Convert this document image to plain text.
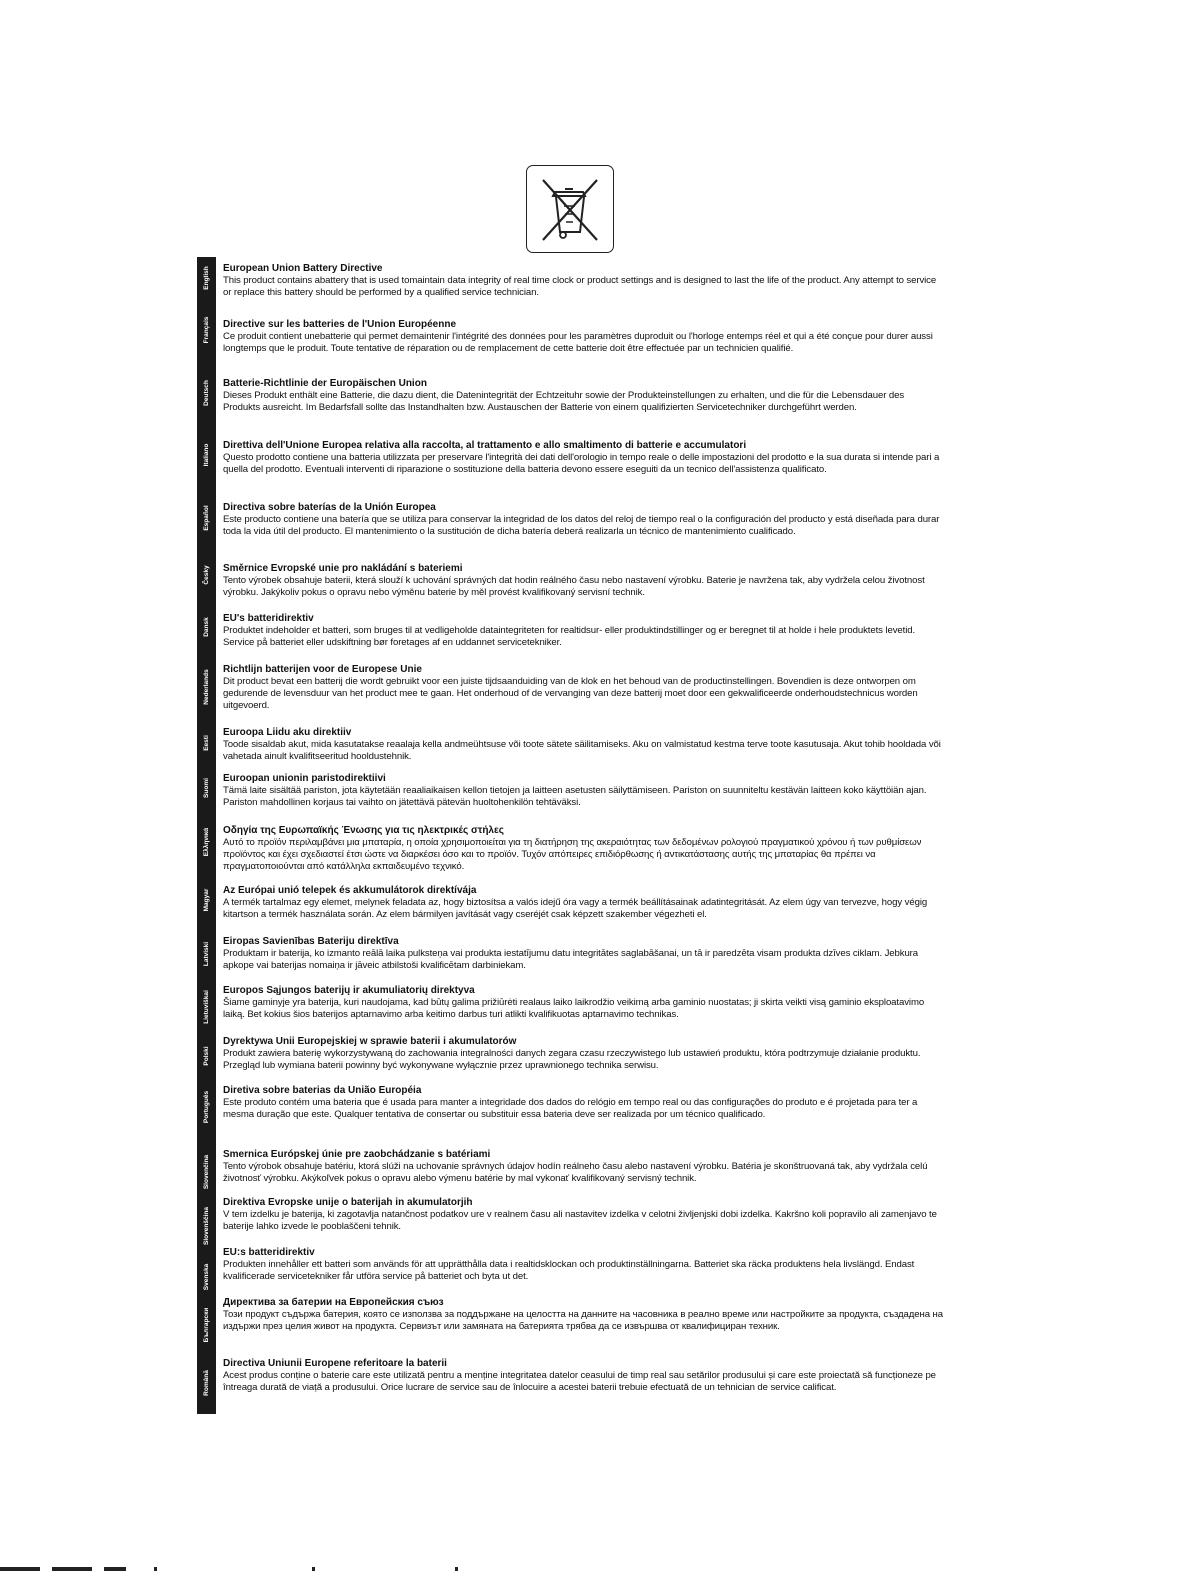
English
Français
Deutsch
Italiano
Español
Česky
Dansk
Nederlands
Eesti
Suomi
Ελληνικά
Magyar
Latviski
Lietuviškai
Polski
Português
Slovenčina
Slovenščina
Svenska
Български
Română

European Union Battery Directive

This product contains abattery that is used tomaintain data integrity of real time clock or product settings and is designed to last the life of the product. Any attempt to service or replace this battery should be performed by a qualified service technician.

Directive sur les batteries de l'Union Européenne

Ce produit contient unebatterie qui permet demaintenir l'intégrité des données pour les paramètres duproduit ou l'horloge entemps réel et qui a été conçue pour durer aussi longtemps que le produit. Toute tentative de réparation ou de remplacement de cette batterie doit être effectuée par un technicien qualifié.

Batterie-Richtlinie der Europäischen Union

Dieses Produkt enthält eine Batterie, die dazu dient, die Datenintegrität der Echtzeituhr sowie der Produkteinstellungen zu erhalten, und die für die Lebensdauer des Produkts ausreicht. Im Bedarfsfall sollte das Instandhalten bzw. Austauschen der Batterie von einem qualifizierten Servicetechniker durchgeführt werden.

Direttiva dell'Unione Europea relativa alla raccolta, al trattamento e allo smaltimento di batterie e accumulatori

Questo prodotto contiene una batteria utilizzata per preservare l'integrità dei dati dell'orologio in tempo reale o delle impostazioni del prodotto e la sua durata si intende pari a quella del prodotto. Eventuali interventi di riparazione o sostituzione della batteria devono essere eseguiti da un tecnico dell'assistenza qualificato.

Directiva sobre baterías de la Unión Europea

Este producto contiene una batería que se utiliza para conservar la integridad de los datos del reloj de tiempo real o la configuración del producto y está diseñada para durar toda la vida útil del producto. El mantenimiento o la sustitución de dicha batería deberá realizarla un técnico de mantenimiento cualificado.

Směrnice Evropské unie pro nakládání s bateriemi

Tento výrobek obsahuje baterii, která slouží k uchování správných dat hodin reálného času nebo nastavení výrobku. Baterie je navržena tak, aby vydržela celou životnost výrobku. Jakýkoliv pokus o opravu nebo výměnu baterie by měl provést kvalifikovaný servisní technik.

EU's batteridirektiv

Produktet indeholder et batteri, som bruges til at vedligeholde dataintegriteten for realtidsur- eller produktindstillinger og er beregnet til at holde i hele produktets levetid. Service på batteriet eller udskiftning bør foretages af en uddannet servicetekniker.

Richtlijn batterijen voor de Europese Unie

Dit product bevat een batterij die wordt gebruikt voor een juiste tijdsaanduiding van de klok en het behoud van de productinstellingen. Bovendien is deze ontworpen om gedurende de levensduur van het product mee te gaan. Het onderhoud of de vervanging van deze batterij moet door een gekwalificeerde onderhoudstechnicus worden uitgevoerd.

Euroopa Liidu aku direktiiv

Toode sisaldab akut, mida kasutatakse reaalaja kella andmeühtsuse või toote sätete säilitamiseks. Aku on valmistatud kestma terve toote kasutusaja. Akut tohib hooldada või vahetada ainult kvalifitseeritud hooldustehnik.

Euroopan unionin paristodirektiivi

Tämä laite sisältää pariston, jota käytetään reaaliaikaisen kellon tietojen ja laitteen asetusten säilyttämiseen. Pariston on suunniteltu kestävän laitteen koko käyttöiän ajan. Pariston mahdollinen korjaus tai vaihto on jätettävä pätevän huoltohenkilön tehtäväksi.

Οδηγία της Ευρωπαϊκής Ένωσης για τις ηλεκτρικές στήλες

Αυτό το προϊόν περιλαμβάνει μια μπαταρία, η οποία χρησιμοποιείται για τη διατήρηση της ακεραιότητας των δεδομένων ρολογιού πραγματικού χρόνου ή των ρυθμίσεων προϊόντος και έχει σχεδιαστεί έτσι ώστε να διαρκέσει όσο και το προϊόν. Τυχόν απόπειρες επιδιόρθωσης ή αντικατάστασης αυτής της μπαταρίας θα πρέπει να πραγματοποιούνται από κατάλληλα εκπαιδευμένο τεχνικό.

Az Európai unió telepek és akkumulátorok direktívája

A termék tartalmaz egy elemet, melynek feladata az, hogy biztosítsa a valós idejű óra vagy a termék beállításainak adatintegritását. Az elem úgy van tervezve, hogy végig kitartson a termék használata során. Az elem bármilyen javítását vagy cseréjét csak képzett szakember végezheti el.

Eiropas Savienības Bateriju direktīva

Produktam ir baterija, ko izmanto reālā laika pulksteņa vai produkta iestatījumu datu integritātes saglabāšanai, un tā ir paredzēta visam produkta dzīves ciklam. Jebkura apkope vai baterijas nomaiņa ir jāveic atbilstoši kvalificētam darbiniekam.

Europos Sąjungos baterijų ir akumuliatorių direktyva

Šiame gaminyje yra baterija, kuri naudojama, kad būtų galima prižiūrėti realaus laiko laikrodžio veikimą arba gaminio nuostatas; ji skirta veikti visą gaminio eksploatavimo laiką. Bet kokius šios baterijos aptarnavimo arba keitimo darbus turi atlikti kvalifikuotas aptarnavimo technikas.

Dyrektywa Unii Europejskiej w sprawie baterii i akumulatorów

Produkt zawiera baterię wykorzystywaną do zachowania integralności danych zegara czasu rzeczywistego lub ustawień produktu, która podtrzymuje działanie produktu. Przegląd lub wymiana baterii powinny być wykonywane wyłącznie przez uprawnionego technika serwisu.

Diretiva sobre baterias da União Européia

Este produto contém uma bateria que é usada para manter a integridade dos dados do relógio em tempo real ou das configurações do produto e é projetada para ter a mesma duração que este. Qualquer tentativa de consertar ou substituir essa bateria deve ser realizada por um técnico qualificado.

Smernica Európskej únie pre zaobchádzanie s batériami

Tento výrobok obsahuje batériu, ktorá slúži na uchovanie správnych údajov hodín reálneho času alebo nastavení výrobku. Batéria je skonštruovaná tak, aby vydržala celú životnosť výrobku. Akýkoľvek pokus o opravu alebo výmenu batérie by mal vykonať kvalifikovaný servisný technik.

Direktiva Evropske unije o baterijah in akumulatorjih

V tem izdelku je baterija, ki zagotavlja natančnost podatkov ure v realnem času ali nastavitev izdelka v celotni življenjski dobi izdelka. Kakršno koli popravilo ali zamenjavo te baterije lahko izvede le pooblaščeni tehnik.

EU:s batteridirektiv

Produkten innehåller ett batteri som används för att upprätthålla data i realtidsklockan och produktinställningarna. Batteriet ska räcka produktens hela livslängd. Endast kvalificerade servicetekniker får utföra service på batteriet och byta ut det.

Директива за батерии на Европейския съюз

Този продукт съдържа батерия, която се използва за поддържане на целостта на данните на часовника в реално време или настройките за продукта, създадена на издържи през целия живот на продукта. Сервизът или замяната на батерията трябва да се извършва от квалифициран техник.

Directiva Uniunii Europene referitoare la baterii

Acest produs conține o baterie care este utilizată pentru a menține integritatea datelor ceasului de timp real sau setărilor produsului și care este proiectată să funcționeze pe întreaga durată de viață a produsului. Orice lucrare de service sau de înlocuire a acestei baterii trebuie efectuată de un tehnician de service calificat.
